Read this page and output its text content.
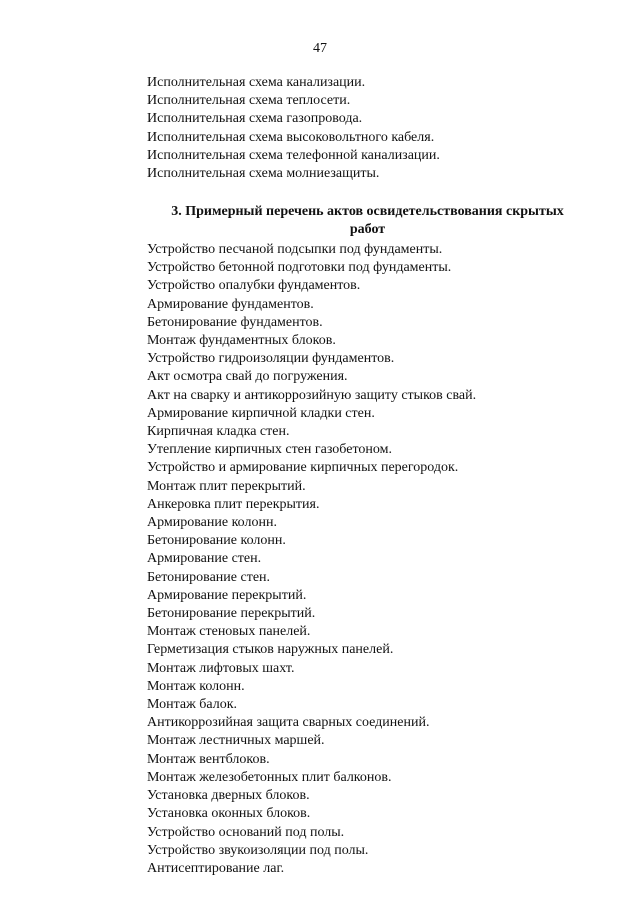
47
Исполнительная схема канализации.
Исполнительная схема теплосети.
Исполнительная схема газопровода.
Исполнительная схема высоковольтного кабеля.
Исполнительная схема телефонной канализации.
Исполнительная схема молниезащиты.
3. Примерный перечень актов освидетельствования скрытых
работ
Устройство песчаной подсыпки под фундаменты.
Устройство бетонной подготовки под фундаменты.
Устройство опалубки фундаментов.
Армирование фундаментов.
Бетонирование фундаментов.
Монтаж фундаментных блоков.
Устройство гидроизоляции фундаментов.
Акт осмотра свай до погружения.
Акт на сварку и антикоррозийную защиту стыков свай.
Армирование кирпичной кладки стен.
Кирпичная кладка стен.
Утепление кирпичных стен газобетоном.
Устройство и армирование кирпичных перегородок.
Монтаж плит перекрытий.
Анкеровка плит перекрытия.
Армирование колонн.
Бетонирование колонн.
Армирование стен.
Бетонирование стен.
Армирование перекрытий.
Бетонирование перекрытий.
Монтаж стеновых панелей.
Герметизация стыков наружных панелей.
Монтаж лифтовых шахт.
Монтаж колонн.
Монтаж балок.
Антикоррозийная защита сварных соединений.
Монтаж лестничных маршей.
Монтаж вентблоков.
Монтаж железобетонных плит балконов.
Установка дверных блоков.
Установка оконных блоков.
Устройство оснований под полы.
Устройство звукоизоляции под полы.
Антисептирование лаг.
